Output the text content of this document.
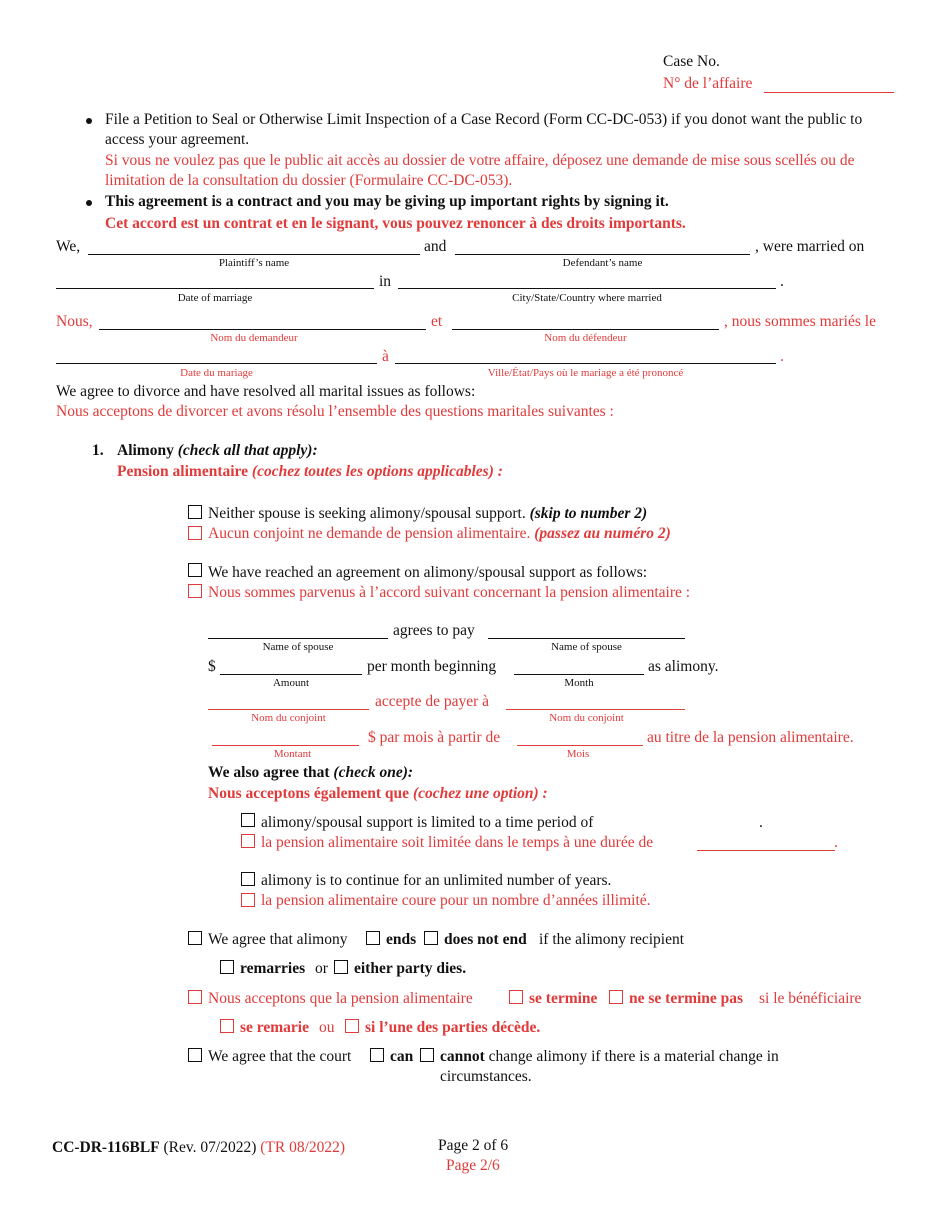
Case No.
N° de l’affaire
File a Petition to Seal or Otherwise Limit Inspection of a Case Record (Form CC-DC-053) if you donot want the public to access your agreement.
Si vous ne voulez pas que le public ait accès au dossier de votre affaire, déposez une demande de mise sous scellés ou de limitation de la consultation du dossier (Formulaire CC-DC-053).
This agreement is a contract and you may be giving up important rights by signing it.
Cet accord est un contrat et en le signant, vous pouvez renoncer à des droits importants.
We,
Plaintiff’s name
and
Defendant’s name
, were married on
Date of marriage
in
City/State/Country where married
.
Nous,
Nom du demandeur
et
Nom du défendeur
, nous sommes mariés le
Date du mariage
à
Ville/État/Pays où le mariage a été prononcé
.
We agree to divorce and have resolved all marital issues as follows:
Nous acceptons de divorcer et avons résolu l’ensemble des questions maritales suivantes :
1. Alimony (check all that apply):
Pension alimentaire (cochez toutes les options applicables) :
Neither spouse is seeking alimony/spousal support. (skip to number 2)
Aucun conjoint ne demande de pension alimentaire. (passez au numéro 2)
We have reached an agreement on alimony/spousal support as follows:
Nous sommes parvenus à l’accord suivant concernant la pension alimentaire :
Name of spouse
agrees to pay
Name of spouse
$
Amount
per month beginning
Month
as alimony.
Nom du conjoint
accepte de payer à
Nom du conjoint
Montant
$ par mois à partir de
Mois
au titre de la pension alimentaire.
We also agree that (check one):
Nous acceptons également que (cochez une option) :
alimony/spousal support is limited to a time period of	.
la pension alimentaire soit limitée dans le temps à une durée de	.
alimony is to continue for an unlimited number of years.
la pension alimentaire coure pour un nombre d’années illimité.
We agree that alimony ends does not end if the alimony recipient
remarries or either party dies.
Nous acceptons que la pension alimentaire	se termine ne se termine pas si le bénéficiaire
se remarie ou si l’une des parties décède.
We agree that the court can cannot change alimony if there is a material change in circumstances.
CC-DR-116BLF (Rev. 07/2022) (TR 08/2022)	Page 2 of 6
Page 2/6
